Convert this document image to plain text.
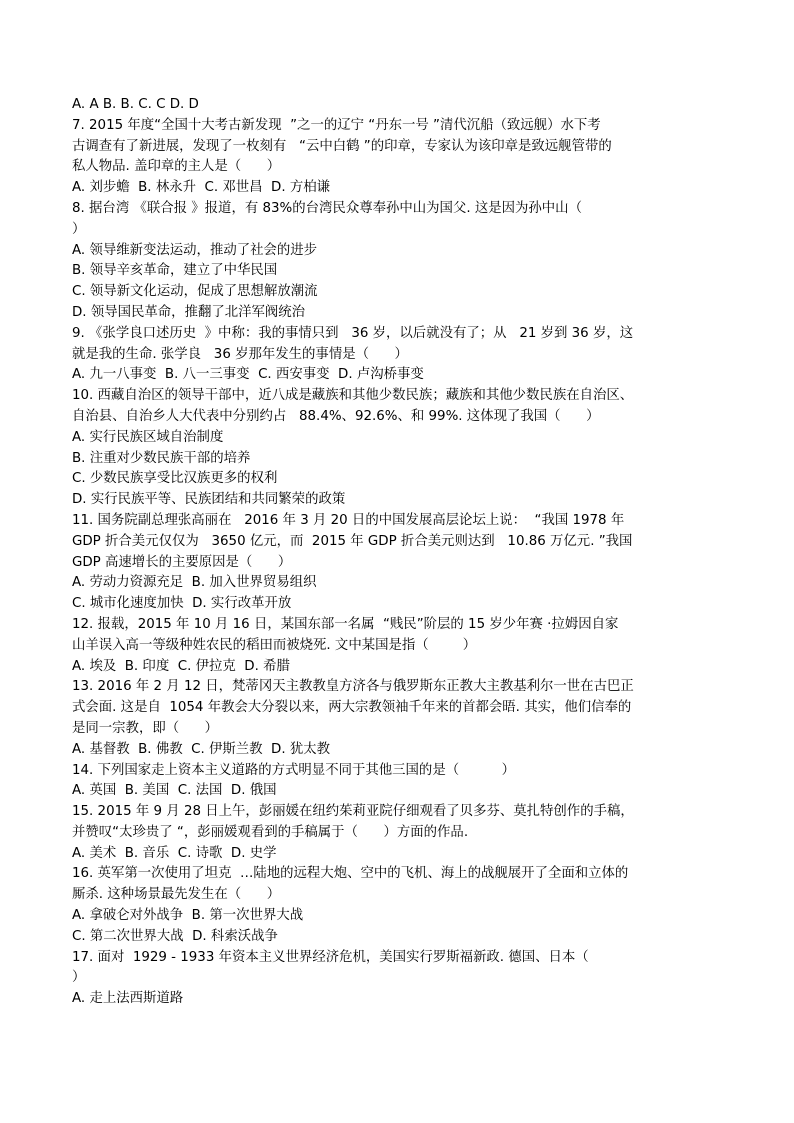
A. A B. B. C. C D. D
7. 2015 年度“全国十大考古新发现  ”之一的辽宁 “丹东一号 ”清代沉船（致远舰）水下考
古调查有了新进展，发现了一枚刻有   “云中白鹤 ”的印章，专家认为该印章是致远舰管带的
私人物品. 盖印章的主人是（      ）
A. 刘步蟾  B. 林永升  C. 邓世昌  D. 方柏谦
8. 据台湾 《联合报 》报道，有 83%的台湾民众尊奉孙中山为国父. 这是因为孙中山（
）
A. 领导维新变法运动，推动了社会的进步
B. 领导辛亥革命，建立了中华民国
C. 领导新文化运动，促成了思想解放潮流
D. 领导国民革命，推翻了北洋军阀统治
9. 《张学良口述历史  》中称：我的事情只到   36 岁，以后就没有了；从   21 岁到 36 岁，这
就是我的生命. 张学良   36 岁那年发生的事情是（      ）
A. 九一八事变  B. 八一三事变  C. 西安事变  D. 卢沟桥事变
10. 西藏自治区的领导干部中，近八成是藏族和其他少数民族；藏族和其他少数民族在自治区、
自治县、自治乡人大代表中分别约占   88.4%、92.6%、和 99%. 这体现了我国（      ）
A. 实行民族区域自治制度
B. 注重对少数民族干部的培养
C. 少数民族享受比汉族更多的权利
D. 实行民族平等、民族团结和共同繁荣的政策
11. 国务院副总理张高丽在   2016 年 3 月 20 日的中国发展高层论坛上说：  “我国 1978 年
GDP 折合美元仅仅为   3650 亿元，而  2015 年 GDP 折合美元则达到   10.86 万亿元. ”我国
GDP 高速增长的主要原因是（      ）
A. 劳动力资源充足  B. 加入世界贸易组织
C. 城市化速度加快  D. 实行改革开放
12. 报载，2015 年 10 月 16 日，某国东部一名属  “贱民”阶层的 15 岁少年赛 ·拉姆因自家
山羊误入高一等级种姓农民的稻田而被烧死. 文中某国是指（        ）
A. 埃及  B. 印度  C. 伊拉克  D. 希腊
13. 2016 年 2 月 12 日，梵蒂冈天主教教皇方济各与俄罗斯东正教大主教基利尔一世在古巴正
式会面. 这是自  1054 年教会大分裂以来，两大宗教领袖千年来的首都会晤. 其实，他们信奉的
是同一宗教，即（      ）
A. 基督教  B. 佛教  C. 伊斯兰教  D. 犹太教
14. 下列国家走上资本主义道路的方式明显不同于其他三国的是（          ）
A. 英国  B. 美国  C. 法国  D. 俄国
15. 2015 年 9 月 28 日上午，彭丽媛在纽约茱莉亚院仔细观看了贝多芬、莫扎特创作的手稿，
并赞叹“太珍贵了 “，彭丽媛观看到的手稿属于（      ）方面的作品.
A. 美术  B. 音乐  C. 诗歌  D. 史学
16. 英军第一次使用了坦克  …陆地的远程大炮、空中的飞机、海上的战舰展开了全面和立体的
厮杀. 这种场景最先发生在（      ）
A. 拿破仑对外战争  B. 第一次世界大战
C. 第二次世界大战  D. 科索沃战争
17. 面对  1929 - 1933 年资本主义世界经济危机，美国实行罗斯福新政. 德国、日本（
）
A. 走上法西斯道路
